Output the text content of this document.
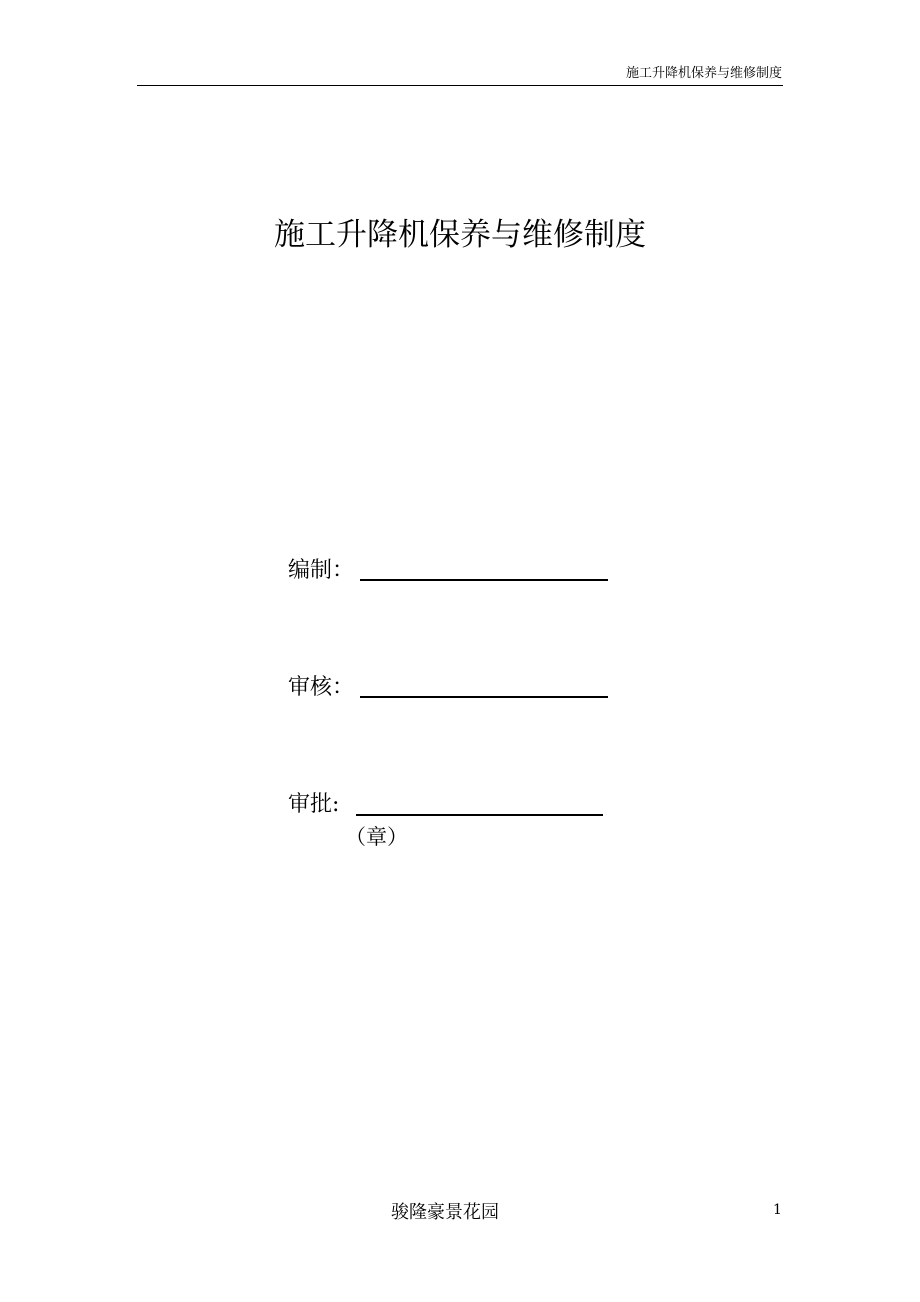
施工升降机保养与维修制度
施工升降机保养与维修制度
编制：
审核：
审批:
（章）
骏隆豪景花园	1
